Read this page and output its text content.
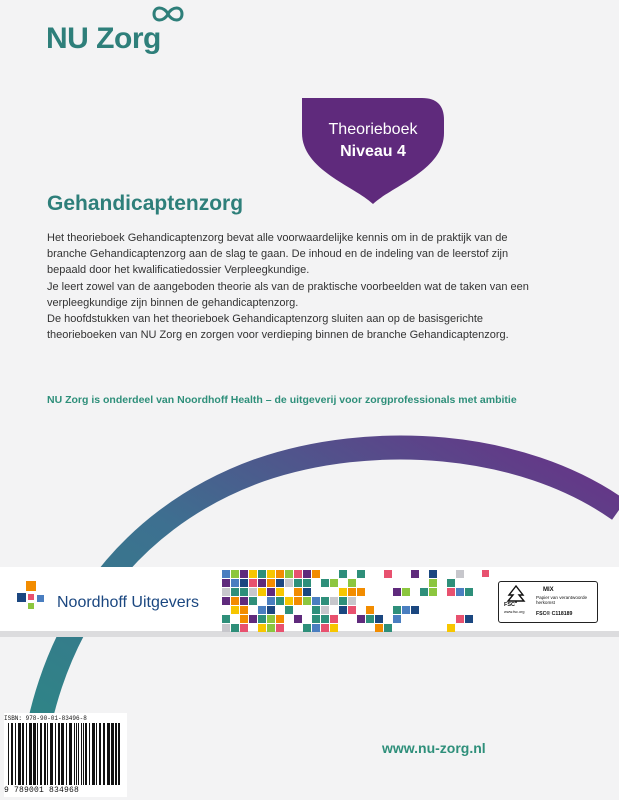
NU Zorg
Theorieboek
Niveau 4
Gehandicaptenzorg
Het theorieboek Gehandicaptenzorg bevat alle voorwaardelijke kennis om in de praktijk van de branche Gehandicaptenzorg aan de slag te gaan. De inhoud en de indeling van de leerstof zijn bepaald door het kwalificatiedossier Verpleegkundige.
Je leert zowel van de aangeboden theorie als van de praktische voorbeelden wat de taken van een verpleegkundige zijn binnen de gehandicaptenzorg.
De hoofdstukken van het theorieboek Gehandicaptenzorg sluiten aan op de basisgerichte theorieboeken van NU Zorg en zorgen voor verdieping binnen de branche Gehandicaptenzorg.
NU Zorg is onderdeel van Noordhoff Health – de uitgeverij voor zorgprofessionals met ambitie
Noordhoff Uitgevers	FSC
www.fsc.org
MIX
Papier van verantwoorde herkomst
FSC® C118189
ISBN: 978-90-01-83496-8
9 789001 834968
www.nu-zorg.nl
